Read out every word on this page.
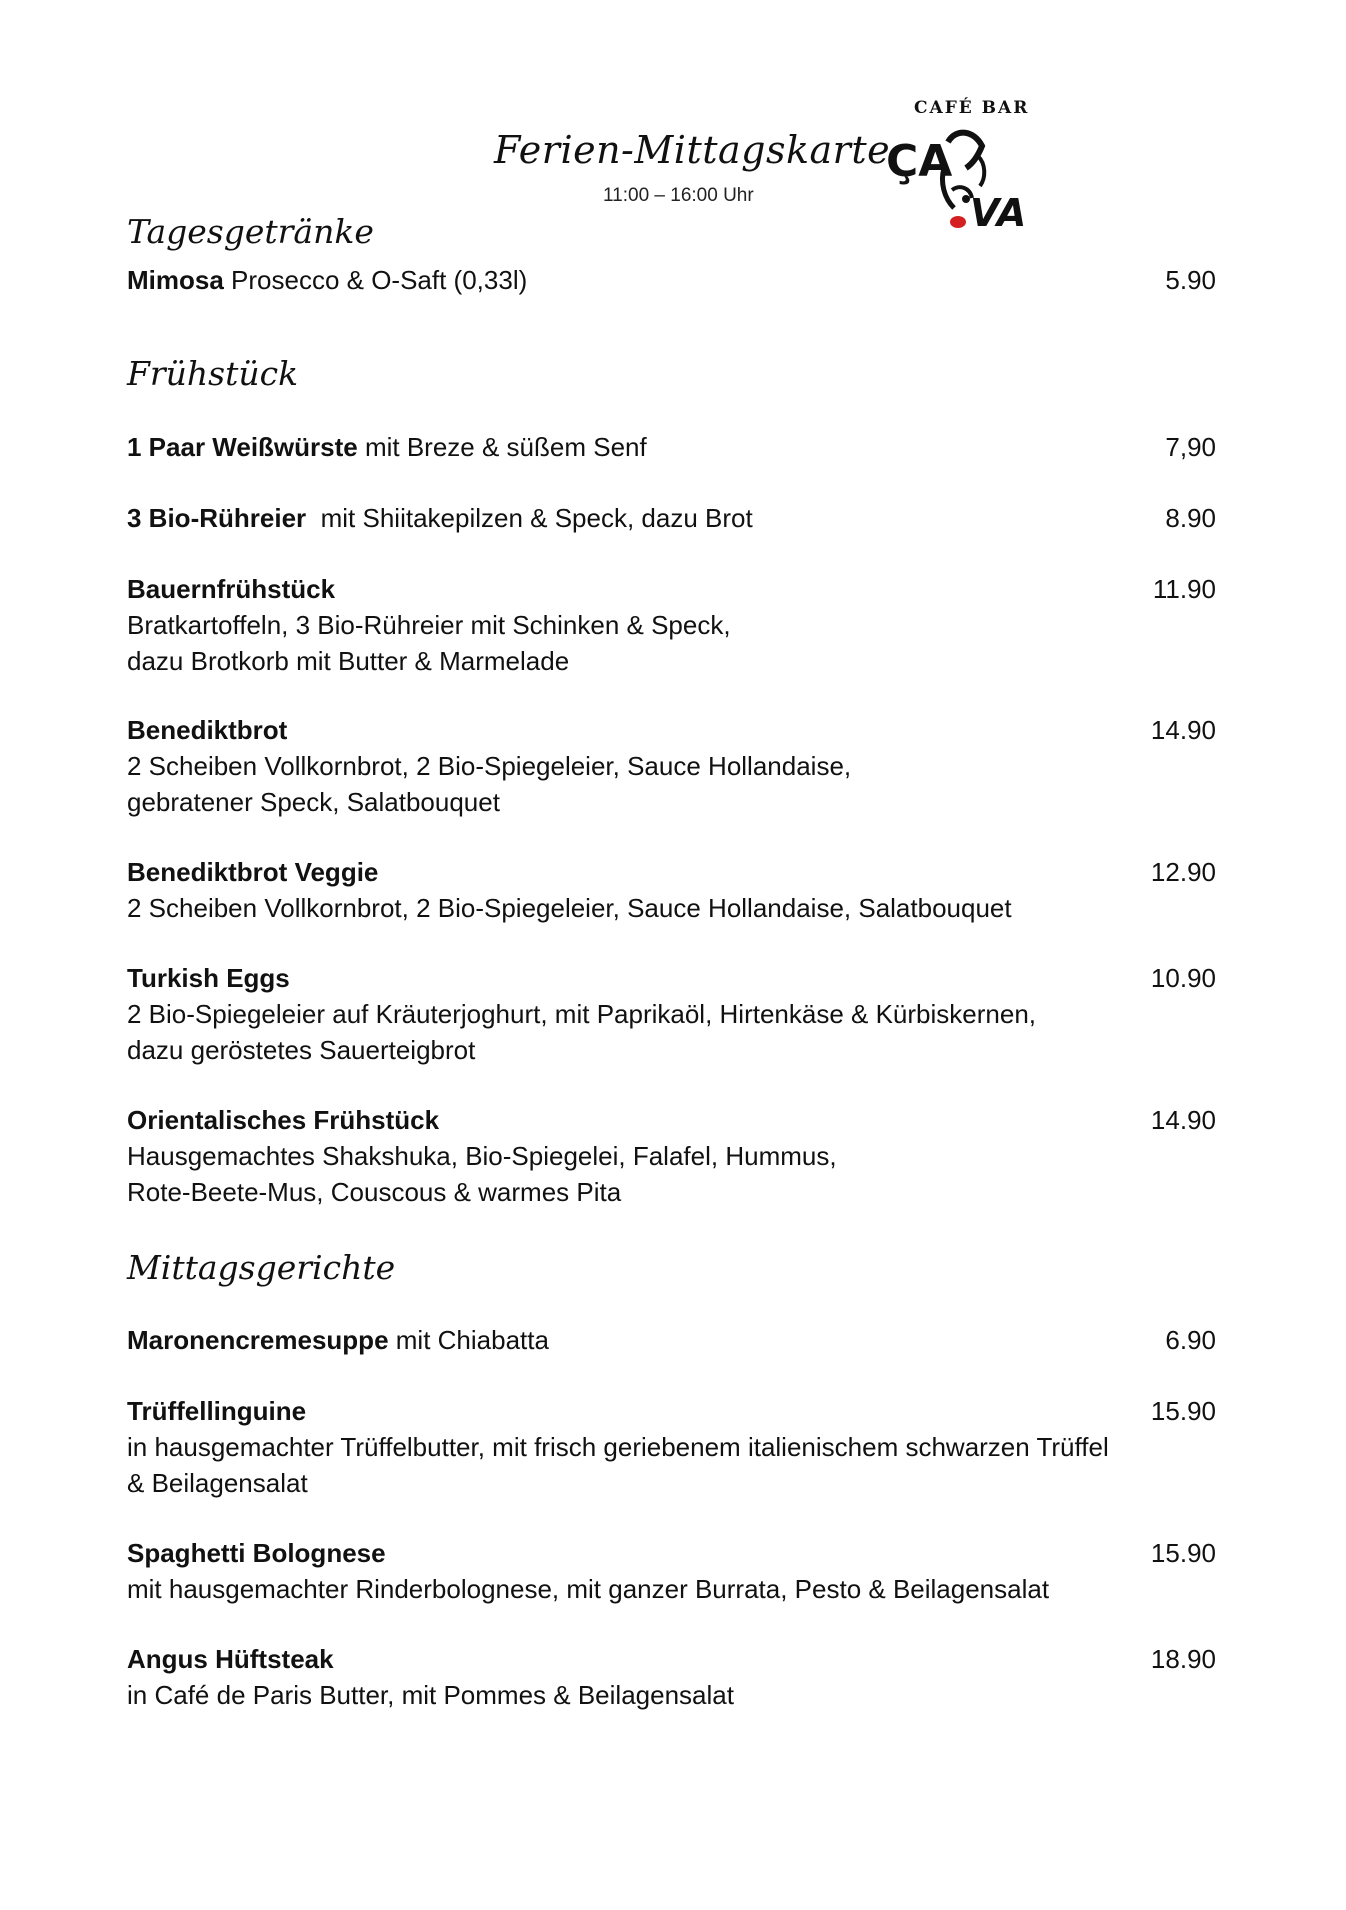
Ferien-Mittagskarte
11:00 – 16:00 Uhr
CAFÉ BAR
ÇA
VA
Tagesgetränke
Mimosa Prosecco & O-Saft (0,33l)	5.90
Frühstück
1 Paar Weißwürste mit Breze & süßem Senf	7,90
3 Bio-Rühreier  mit Shiitakepilzen & Speck, dazu Brot	8.90
Bauernfrühstück	11.90
Bratkartoffeln, 3 Bio-Rühreier mit Schinken & Speck,
dazu Brotkorb mit Butter & Marmelade
Benediktbrot	14.90
2 Scheiben Vollkornbrot, 2 Bio-Spiegeleier, Sauce Hollandaise,
gebratener Speck, Salatbouquet
Benediktbrot Veggie	12.90
2 Scheiben Vollkornbrot, 2 Bio-Spiegeleier, Sauce Hollandaise, Salatbouquet
Turkish Eggs	10.90
2 Bio-Spiegeleier auf Kräuterjoghurt, mit Paprikaöl, Hirtenkäse & Kürbiskernen,
dazu geröstetes Sauerteigbrot
Orientalisches Frühstück	14.90
Hausgemachtes Shakshuka, Bio-Spiegelei, Falafel, Hummus,
Rote-Beete-Mus, Couscous & warmes Pita
Mittagsgerichte
Maronencremesuppe mit Chiabatta	6.90
Trüffellinguine	15.90
in hausgemachter Trüffelbutter, mit frisch geriebenem italienischem schwarzen Trüffel
& Beilagensalat
Spaghetti Bolognese	15.90
mit hausgemachter Rinderbolognese, mit ganzer Burrata, Pesto & Beilagensalat
Angus Hüftsteak	18.90
in Café de Paris Butter, mit Pommes & Beilagensalat
